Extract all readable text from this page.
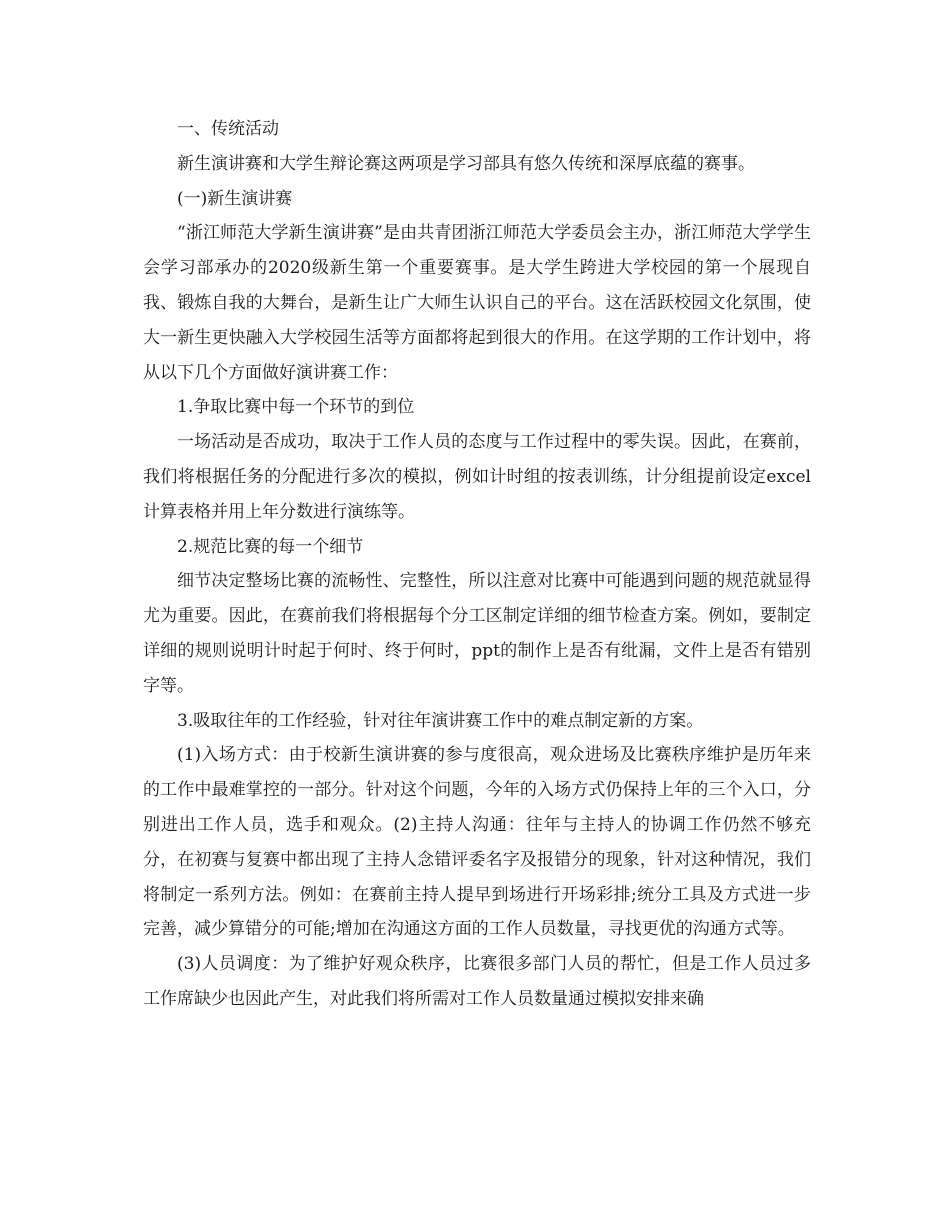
一、传统活动

新生演讲赛和大学生辩论赛这两项是学习部具有悠久传统和深厚底蕴的赛事。

(一)新生演讲赛

“浙江师范大学新生演讲赛”是由共青团浙江师范大学委员会主办，浙江师范大学学生会学习部承办的2020级新生第一个重要赛事。是大学生跨进大学校园的第一个展现自我、锻炼自我的大舞台，是新生让广大师生认识自己的平台。这在活跃校园文化氛围，使大一新生更快融入大学校园生活等方面都将起到很大的作用。在这学期的工作计划中，将从以下几个方面做好演讲赛工作：

1.争取比赛中每一个环节的到位

一场活动是否成功，取决于工作人员的态度与工作过程中的零失误。因此，在赛前，我们将根据任务的分配进行多次的模拟，例如计时组的按表训练，计分组提前设定excel计算表格并用上年分数进行演练等。

2.规范比赛的每一个细节

细节决定整场比赛的流畅性、完整性，所以注意对比赛中可能遇到问题的规范就显得尤为重要。因此，在赛前我们将根据每个分工区制定详细的细节检查方案。例如，要制定详细的规则说明计时起于何时、终于何时，ppt的制作上是否有纰漏，文件上是否有错别字等。

3.吸取往年的工作经验，针对往年演讲赛工作中的难点制定新的方案。

(1)入场方式：由于校新生演讲赛的参与度很高，观众进场及比赛秩序维护是历年来的工作中最难掌控的一部分。针对这个问题，今年的入场方式仍保持上年的三个入口，分别进出工作人员，选手和观众。(2)主持人沟通：往年与主持人的协调工作仍然不够充分，在初赛与复赛中都出现了主持人念错评委名字及报错分的现象，针对这种情况，我们将制定一系列方法。例如：在赛前主持人提早到场进行开场彩排;统分工具及方式进一步完善，减少算错分的可能;增加在沟通这方面的工作人员数量，寻找更优的沟通方式等。

(3)人员调度：为了维护好观众秩序，比赛很多部门人员的帮忙，但是工作人员过多工作席缺少也因此产生，对此我们将所需对工作人员数量通过模拟安排来确
